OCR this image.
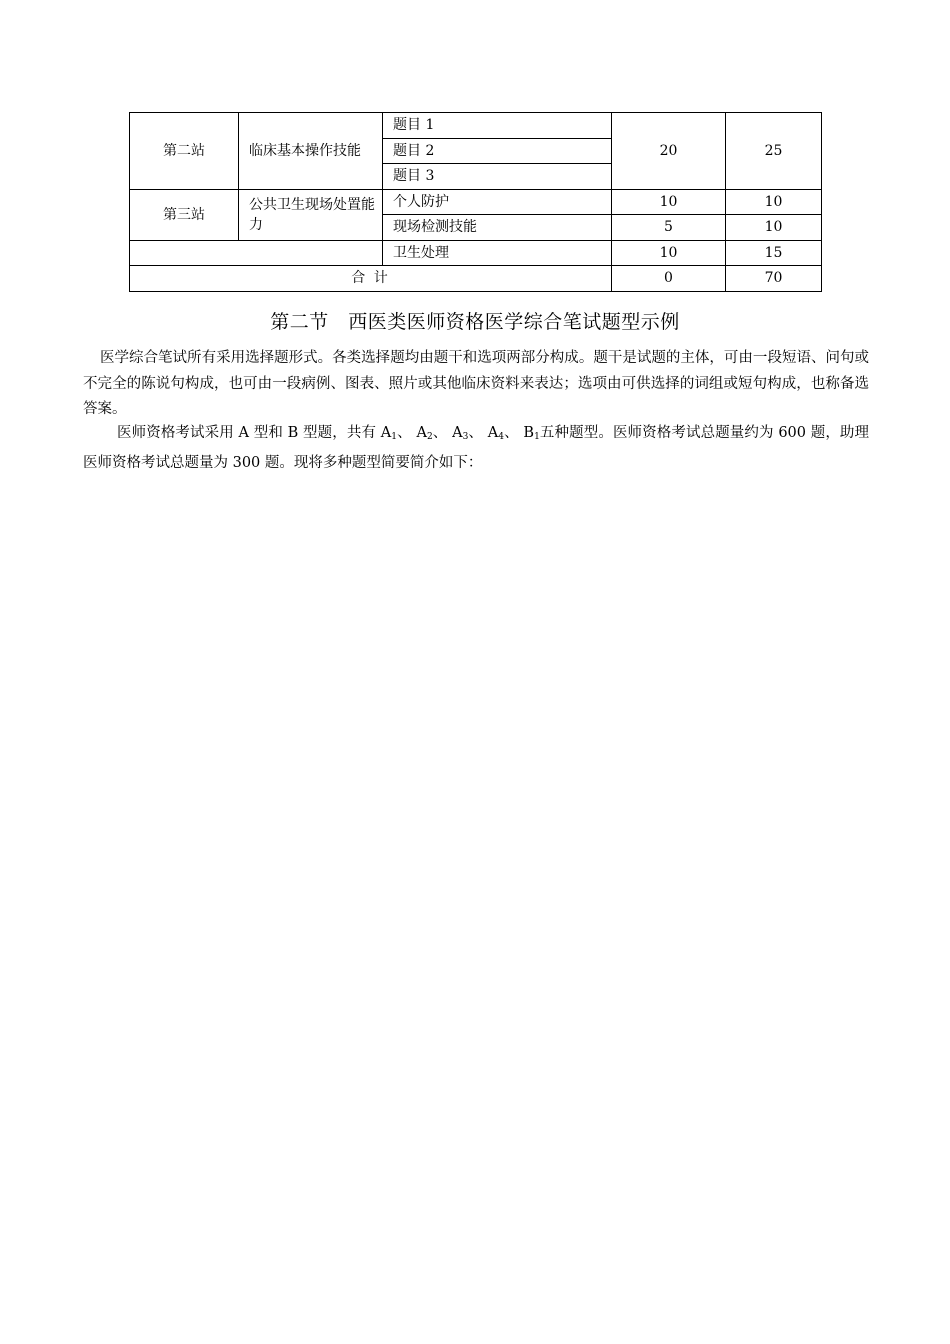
第二站	临床基本操作技能	题目 1	20	25
		题目 2		
		题目 3		
第三站	公共卫生现场处置能力	个人防护	10	10
		现场检测技能	5	10
		卫生处理	10	15
合 计			0	70
第二节　西医类医师资格医学综合笔试题型示例

医学综合笔试所有采用选择题形式。各类选择题均由题干和选项两部分构成。题干是试题的主体，可由一段短语、问句或不完全的陈说句构成，也可由一段病例、图表、照片或其他临床资料来表达；选项由可供选择的词组或短句构成，也称备选答案。

医师资格考试采用 A 型和 B 型题，共有 $A_1$、 $A_2$、 $A_3$、 $A_4$、 $B_1$五种题型。医师资格考试总题量约为 600 题，助理医师资格考试总题量为 300 题。现将多种题型简要简介如下：
